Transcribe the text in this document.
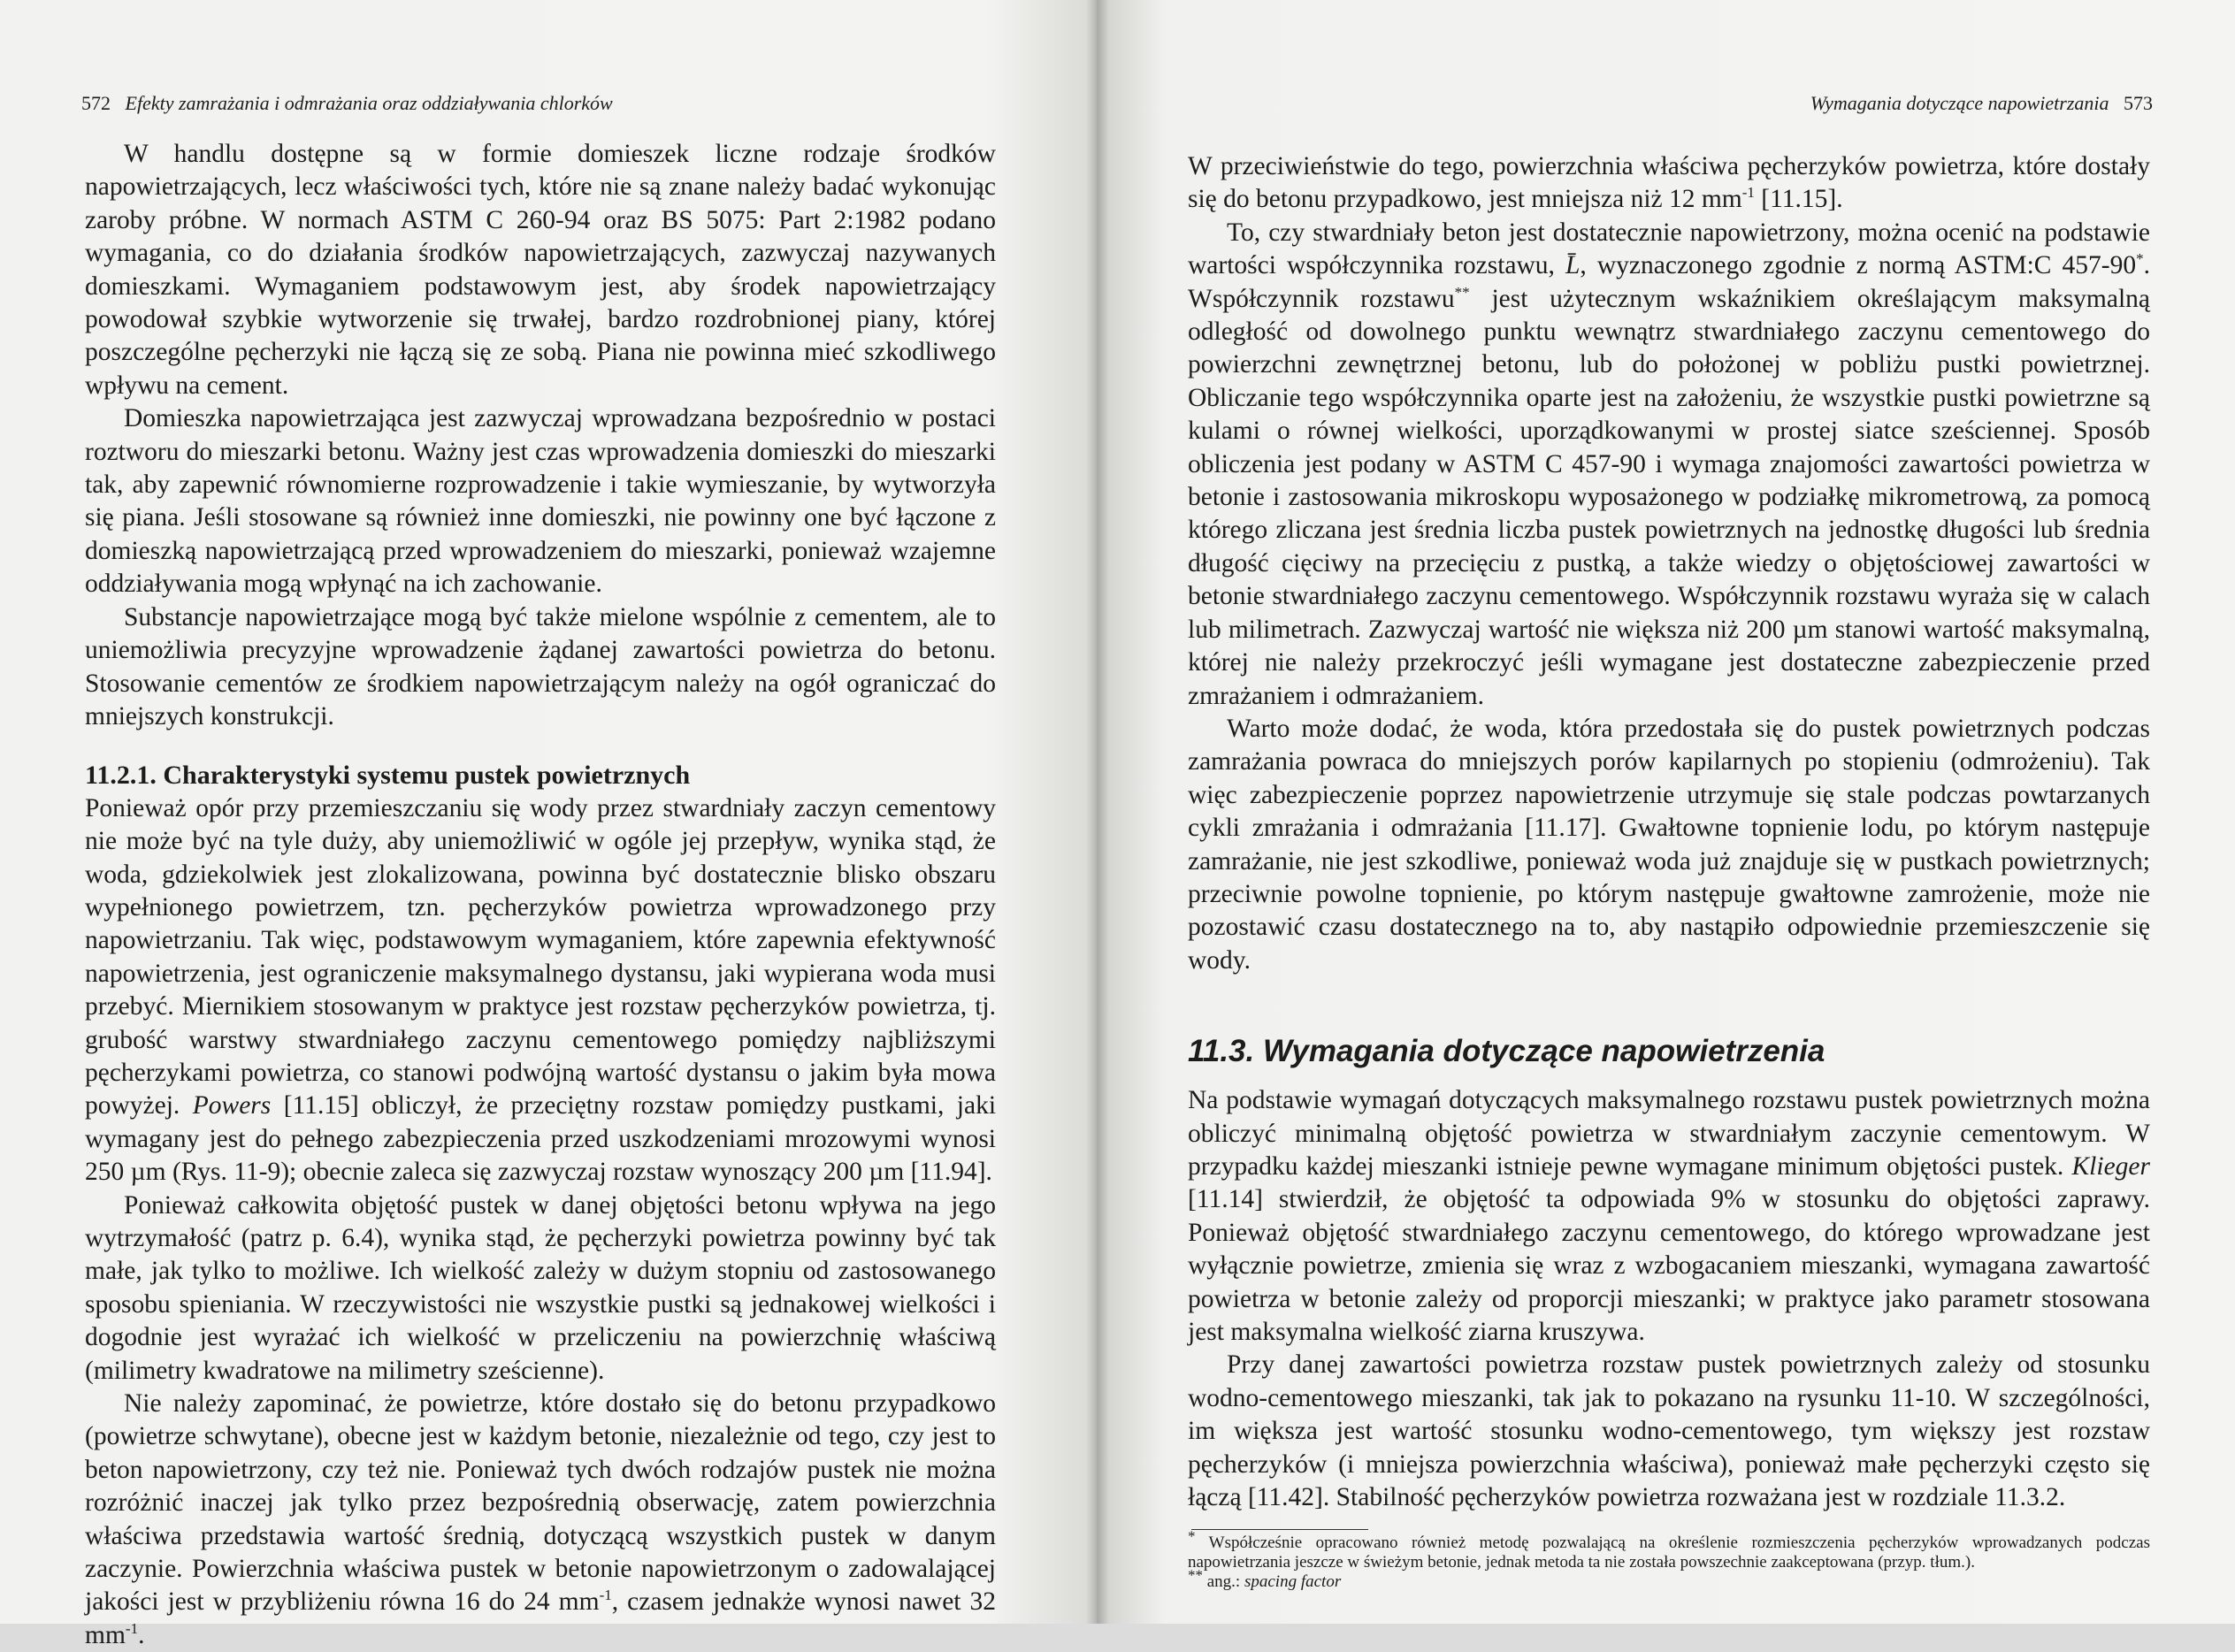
572 Efekty zamrażania i odmrażania oraz oddziaływania chlorków

W handlu dostępne są w formie domieszek liczne rodzaje środków napowietrzających, lecz właściwości tych, które nie są znane należy badać wykonując zaroby próbne. W normach ASTM C 260-94 oraz BS 5075: Part 2:1982 podano wymagania, co do działania środków napowietrzających, zazwyczaj nazywanych domieszkami. Wymaganiem podstawowym jest, aby środek napowietrzający powodował szybkie wytworzenie się trwałej, bardzo rozdrobnionej piany, której poszczególne pęcherzyki nie łączą się ze sobą. Piana nie powinna mieć szkodliwego wpływu na cement.

Domieszka napowietrzająca jest zazwyczaj wprowadzana bezpośrednio w postaci roztworu do mieszarki betonu. Ważny jest czas wprowadzenia domieszki do mieszarki tak, aby zapewnić równomierne rozprowadzenie i takie wymieszanie, by wytworzyła się piana. Jeśli stosowane są również inne domieszki, nie powinny one być łączone z domieszką napowietrzającą przed wprowadzeniem do mieszarki, ponieważ wzajemne oddziaływania mogą wpłynąć na ich zachowanie.

Substancje napowietrzające mogą być także mielone wspólnie z cementem, ale to uniemożliwia precyzyjne wprowadzenie żądanej zawartości powietrza do betonu. Stosowanie cementów ze środkiem napowietrzającym należy na ogół ograniczać do mniejszych konstrukcji.

11.2.1. Charakterystyki systemu pustek powietrznych

Ponieważ opór przy przemieszczaniu się wody przez stwardniały zaczyn cementowy nie może być na tyle duży, aby uniemożliwić w ogóle jej przepływ, wynika stąd, że woda, gdziekolwiek jest zlokalizowana, powinna być dostatecznie blisko obszaru wypełnionego powietrzem, tzn. pęcherzyków powietrza wprowadzonego przy napowietrzaniu. Tak więc, podstawowym wymaganiem, które zapewnia efektywność napowietrzenia, jest ograniczenie maksymalnego dystansu, jaki wypierana woda musi przebyć. Miernikiem stosowanym w praktyce jest rozstaw pęcherzyków powietrza, tj. grubość warstwy stwardniałego zaczynu cementowego pomiędzy najbliższymi pęcherzykami powietrza, co stanowi podwójną wartość dystansu o jakim była mowa powyżej. Powers [11.15] obliczył, że przeciętny rozstaw pomiędzy pustkami, jaki wymagany jest do pełnego zabezpieczenia przed uszkodzeniami mrozowymi wynosi 250 µm (Rys. 11-9); obecnie zaleca się zazwyczaj rozstaw wynoszący 200 µm [11.94].

Ponieważ całkowita objętość pustek w danej objętości betonu wpływa na jego wytrzymałość (patrz p. 6.4), wynika stąd, że pęcherzyki powietrza powinny być tak małe, jak tylko to możliwe. Ich wielkość zależy w dużym stopniu od zastosowanego sposobu spieniania. W rzeczywistości nie wszystkie pustki są jednakowej wielkości i dogodnie jest wyrażać ich wielkość w przeliczeniu na powierzchnię właściwą (milimetry kwadratowe na milimetry sześcienne).

Nie należy zapominać, że powietrze, które dostało się do betonu przypadkowo (powietrze schwytane), obecne jest w każdym betonie, niezależnie od tego, czy jest to beton napowietrzony, czy też nie. Ponieważ tych dwóch rodzajów pustek nie można rozróżnić inaczej jak tylko przez bezpośrednią obserwację, zatem powierzchnia właściwa przedstawia wartość średnią, dotyczącą wszystkich pustek w danym zaczynie. Powierzchnia właściwa pustek w betonie napowietrzonym o zadowalającej jakości jest w przybliżeniu równa 16 do 24 $mm^{-1}$, czasem jednakże wynosi nawet 32 $mm^{-1}$.

Wymagania dotyczące napowietrzania 573

W przeciwieństwie do tego, powierzchnia właściwa pęcherzyków powietrza, które dostały się do betonu przypadkowo, jest mniejsza niż 12 $mm^{-1}$ [11.15].

To, czy stwardniały beton jest dostatecznie napowietrzony, można ocenić na podstawie wartości współczynnika rozstawu, L̄, wyznaczonego zgodnie z normą ASTM:C 457-90*. Współczynnik rozstawu** jest użytecznym wskaźnikiem określającym maksymalną odległość od dowolnego punktu wewnątrz stwardniałego zaczynu cementowego do powierzchni zewnętrznej betonu, lub do położonej w pobliżu pustki powietrznej. Obliczanie tego współczynnika oparte jest na założeniu, że wszystkie pustki powietrzne są kulami o równej wielkości, uporządkowanymi w prostej siatce sześciennej. Sposób obliczenia jest podany w ASTM C 457-90 i wymaga znajomości zawartości powietrza w betonie i zastosowania mikroskopu wyposażonego w podziałkę mikrometrową, za pomocą którego zliczana jest średnia liczba pustek powietrznych na jednostkę długości lub średnia długość cięciwy na przecięciu z pustką, a także wiedzy o objętościowej zawartości w betonie stwardniałego zaczynu cementowego. Współczynnik rozstawu wyraża się w calach lub milimetrach. Zazwyczaj wartość nie większa niż 200 µm stanowi wartość maksymalną, której nie należy przekroczyć jeśli wymagane jest dostateczne zabezpieczenie przed zmrażaniem i odmrażaniem.

Warto może dodać, że woda, która przedostała się do pustek powietrznych podczas zamrażania powraca do mniejszych porów kapilarnych po stopieniu (odmrożeniu). Tak więc zabezpieczenie poprzez napowietrzenie utrzymuje się stale podczas powtarzanych cykli zmrażania i odmrażania [11.17]. Gwałtowne topnienie lodu, po którym następuje zamrażanie, nie jest szkodliwe, ponieważ woda już znajduje się w pustkach powietrznych; przeciwnie powolne topnienie, po którym następuje gwałtowne zamrożenie, może nie pozostawić czasu dostatecznego na to, aby nastąpiło odpowiednie przemieszczenie się wody.

11.3. Wymagania dotyczące napowietrzenia

Na podstawie wymagań dotyczących maksymalnego rozstawu pustek powietrznych można obliczyć minimalną objętość powietrza w stwardniałym zaczynie cementowym. W przypadku każdej mieszanki istnieje pewne wymagane minimum objętości pustek. Klieger [11.14] stwierdził, że objętość ta odpowiada 9% w stosunku do objętości zaprawy. Ponieważ objętość stwardniałego zaczynu cementowego, do którego wprowadzane jest wyłącznie powietrze, zmienia się wraz z wzbogacaniem mieszanki, wymagana zawartość powietrza w betonie zależy od proporcji mieszanki; w praktyce jako parametr stosowana jest maksymalna wielkość ziarna kruszywa.

Przy danej zawartości powietrza rozstaw pustek powietrznych zależy od stosunku wodno-cementowego mieszanki, tak jak to pokazano na rysunku 11-10. W szczególności, im większa jest wartość stosunku wodno-cementowego, tym większy jest rozstaw pęcherzyków (i mniejsza powierzchnia właściwa), ponieważ małe pęcherzyki często się łączą [11.42]. Stabilność pęcherzyków powietrza rozważana jest w rozdziale 11.3.2.

* Współcześnie opracowano również metodę pozwalającą na określenie rozmieszczenia pęcherzyków wprowadzanych podczas napowietrzania jeszcze w świeżym betonie, jednak metoda ta nie została powszechnie zaakceptowana (przyp. tłum.).

** ang.: spacing factor
